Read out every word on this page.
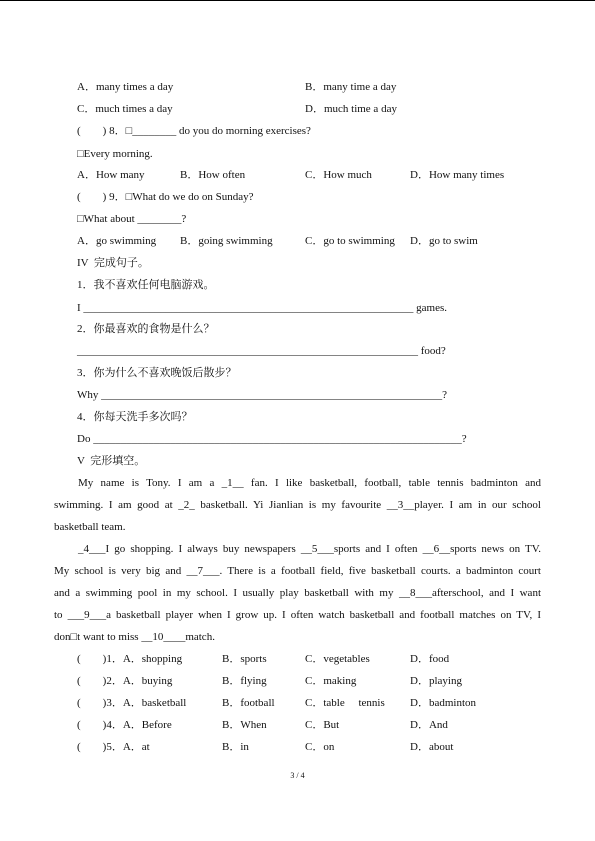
A．many times a day	B．many time a day
C．much times a day	D．much time a day
(　　) 8．□________ do you do morning exercises?
□Every morning.
A．How many	B．How often	C．How much	D．How many times
(　　) 9．□What do we do on Sunday?
□What about ________?
A．go swimming B．going swimming	C．go to swimming D．go to swim
IV  完成句子。
1．我不喜欢任何电脑游戏。
I ____________________________________________________________ games.
2．你最喜欢的食物是什么？
______________________________________________________________ food?
3．你为什么不喜欢晚饭后散步？
Why ______________________________________________________________?
4．你每天洗手多次吗？
Do ___________________________________________________________________?
V  完形填空。
(　　)1．A．shopping	B．sports	C．vegetables	D．food
(　　)2．A．buying	B．flying	C．making	D．playing
(　　)3．A．basketball	B．football	C．table　 tennis D．badminton
(　　)4．A．Before	B．When	C．But	D．And
(　　)5．A．at	B．in	C．on	D．about
My name is Tony. I am a _1__ fan. I like basketball, football, table tennis badminton and
swimming. I am good at _2_ basketball. Yi Jianlian is my favourite __3__player. I am in our school
basketball team.
_4___I go shopping. I always buy newspapers __5___sports and I often __6__sports news on TV.
My school is very big and __7___. There is a football field, five basketball courts. a badminton court
and a swimming pool in my school. I usually play basketball with my __8___afterschool, and I want
to ___9___a basketball player when I grow up. I often watch basketball and football matches on TV, I
don□t want to miss __10____match.
3 / 4
